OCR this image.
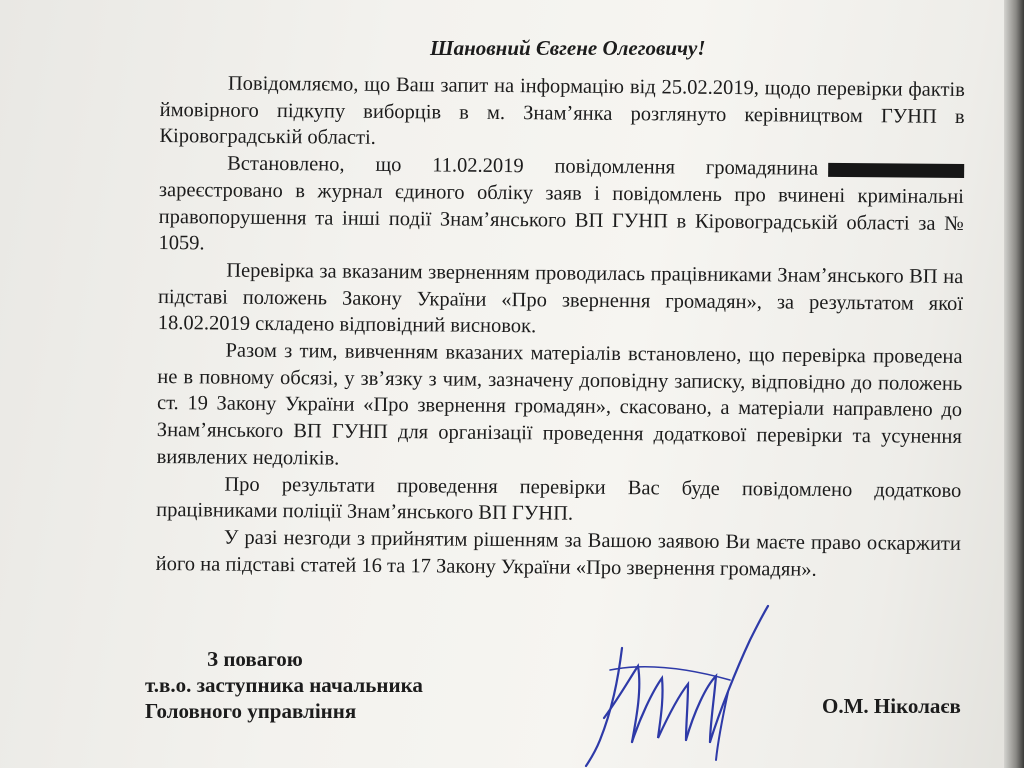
Шановний Євгене Олеговичу!

Повідомляємо, що Ваш запит на інформацію від 25.02.2019, щодо перевірки фактів ймовірного підкупу виборців в м. Знам’янка розглянуто керівництвом ГУНП в Кіровоградській області.

Встановлено, що 11.02.2019 повідомлення громадянина зареєстровано в журнал єдиного обліку заяв і повідомлень про вчинені кримінальні правопорушення та інші події Знам’янського ВП ГУНП в Кіровоградській області за № 1059.

Перевірка за вказаним зверненням проводилась працівниками Знам’янського ВП на підставі положень Закону України «Про звернення громадян», за результатом якої 18.02.2019 складено відповідний висновок.

Разом з тим, вивченням вказаних матеріалів встановлено, що перевірка проведена не в повному обсязі, у зв’язку з чим, зазначену доповідну записку, відповідно до положень ст. 19 Закону України «Про звернення громадян», скасовано, а матеріали направлено до Знам’янського ВП ГУНП для організації проведення додаткової перевірки та усунення виявлених недоліків.

Про результати проведення перевірки Вас буде повідомлено додатково працівниками поліції Знам’янського ВП ГУНП.

У разі незгоди з прийнятим рішенням за Вашою заявою Ви маєте право оскаржити його на підставі статей 16 та 17 Закону України «Про звернення громадян».

З повагою
т.в.о. заступника начальника
Головного управління	О.М. Ніколаєв
